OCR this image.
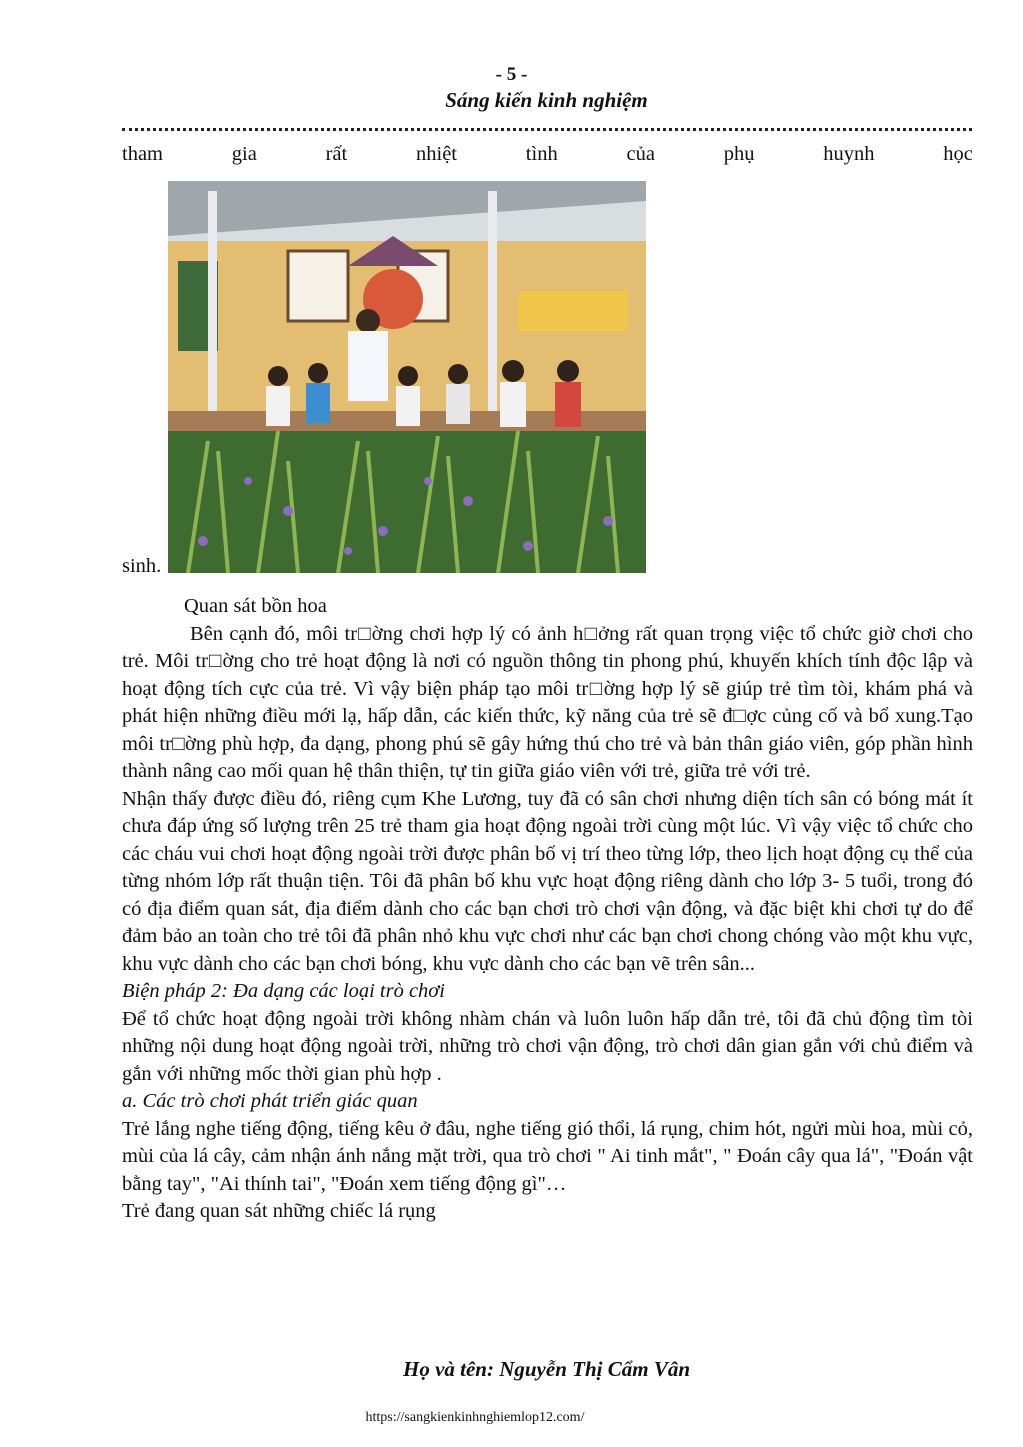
- 5 -
Sáng kiến kinh nghiệm
tham	gia	rất	nhiệt	tình	của	phụ	huynh	học
sinh.

Quan sát bồn hoa

Bên cạnh đó, môi tr□ờng chơi hợp lý có ảnh h□ởng rất quan trọng việc tổ chức giờ chơi cho trẻ. Môi tr□ờng cho trẻ hoạt động là nơi có nguồn thông tin phong phú, khuyến khích tính độc lập và hoạt động tích cực của trẻ. Vì vậy biện pháp tạo môi tr□ờng hợp lý sẽ giúp trẻ tìm tòi, khám phá và phát hiện những điều mới lạ, hấp dẫn, các kiến thức, kỹ năng của trẻ sẽ đ□ợc củng cố và bổ xung.Tạo môi tr□ờng phù hợp, đa dạng, phong phú sẽ gây hứng thú cho trẻ và bản thân giáo viên, góp phần hình thành nâng cao mối quan hệ thân thiện, tự tin giữa giáo viên với trẻ, giữa trẻ với trẻ.

Nhận thấy được điều đó, riêng cụm Khe Lương, tuy đã có sân chơi nhưng diện tích sân có bóng mát ít chưa đáp ứng số lượng trên 25 trẻ tham gia hoạt động ngoài trời cùng một lúc. Vì vậy việc tổ chức cho các cháu vui chơi hoạt động ngoài trời được phân bố vị trí theo từng lớp, theo lịch hoạt động cụ thể của từng nhóm lớp rất thuận tiện. Tôi đã phân bố khu vực hoạt động riêng dành cho lớp 3- 5 tuổi, trong đó có địa điểm quan sát, địa điểm dành cho các bạn chơi trò chơi vận động, và đặc biệt khi chơi tự do để đảm bảo an toàn cho trẻ tôi đã phân nhỏ khu vực chơi như các bạn chơi chong chóng vào một khu vực, khu vực dành cho các bạn chơi bóng, khu vực dành cho các bạn vẽ trên sân...

Biện pháp 2: Đa dạng các loại trò chơi

Để tổ chức hoạt động ngoài trời không nhàm chán và luôn luôn hấp dẫn trẻ, tôi đã chủ động tìm tòi những nội dung hoạt động ngoài trời, những trò chơi vận động, trò chơi dân gian gắn với chủ điểm và gắn với những mốc thời gian phù hợp .

a. Các trò chơi phát triển giác quan

Trẻ lắng nghe tiếng động, tiếng kêu ở đâu, nghe tiếng gió thổi, lá rụng, chim hót, ngửi mùi hoa, mùi cỏ, mùi của lá cây, cảm nhận ánh nắng mặt trời, qua trò chơi " Ai tinh mắt", " Đoán cây qua lá", "Đoán vật bằng tay", "Ai thính tai", "Đoán xem tiếng động gì"…

Trẻ đang quan sát những chiếc lá rụng

Họ và tên: Nguyễn Thị Cẩm Vân
https://sangkienkinhnghiemlop12.com/
